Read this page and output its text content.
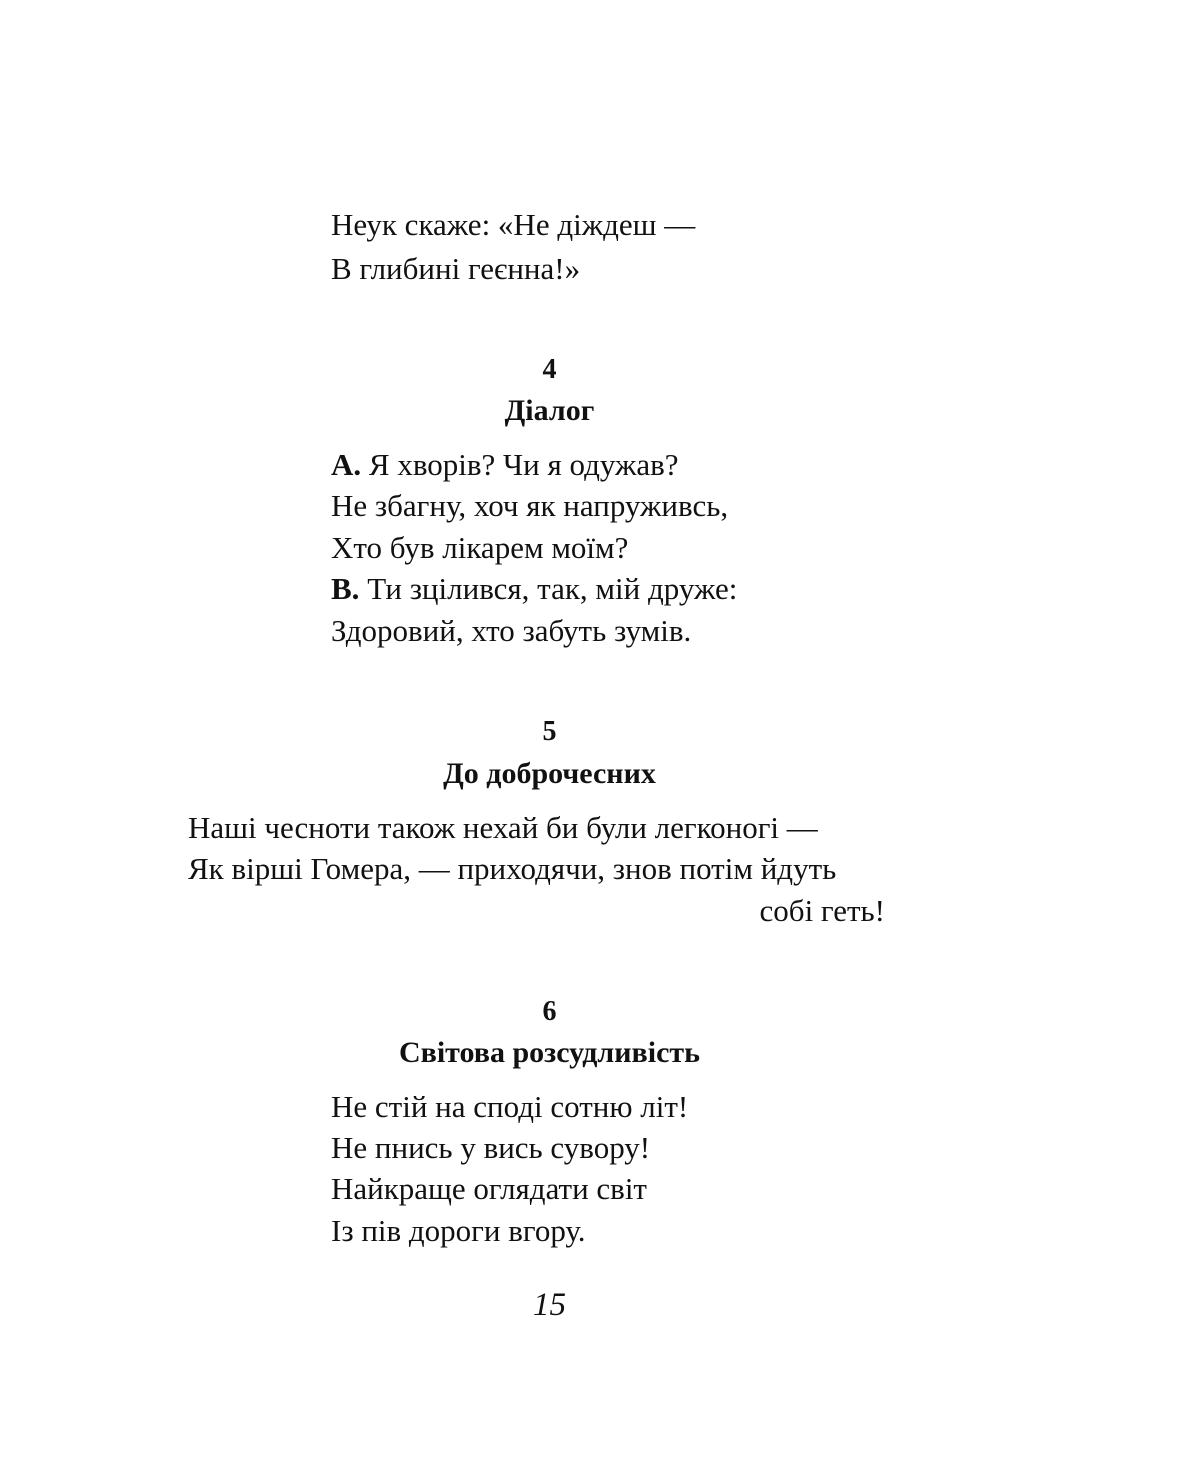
Неук скаже: «Не діждеш —
В глибині геєнна!»
4
Діалог
А. Я хворів? Чи я одужав?
Не збагну, хоч як напруживсь,
Хто був лікарем моїм?
В. Ти зцілився, так, мій друже:
Здоровий, хто забуть зумів.
5
До доброчесних
Наші чесноти також нехай би були легконогі —
Як вірші Гомера, — приходячи, знов потім йдуть
собі геть!
6
Світова розсудливість
Не стій на споді сотню літ!
Не пнись у вись сувору!
Найкраще оглядати світ
Із пів дороги вгору.
15
